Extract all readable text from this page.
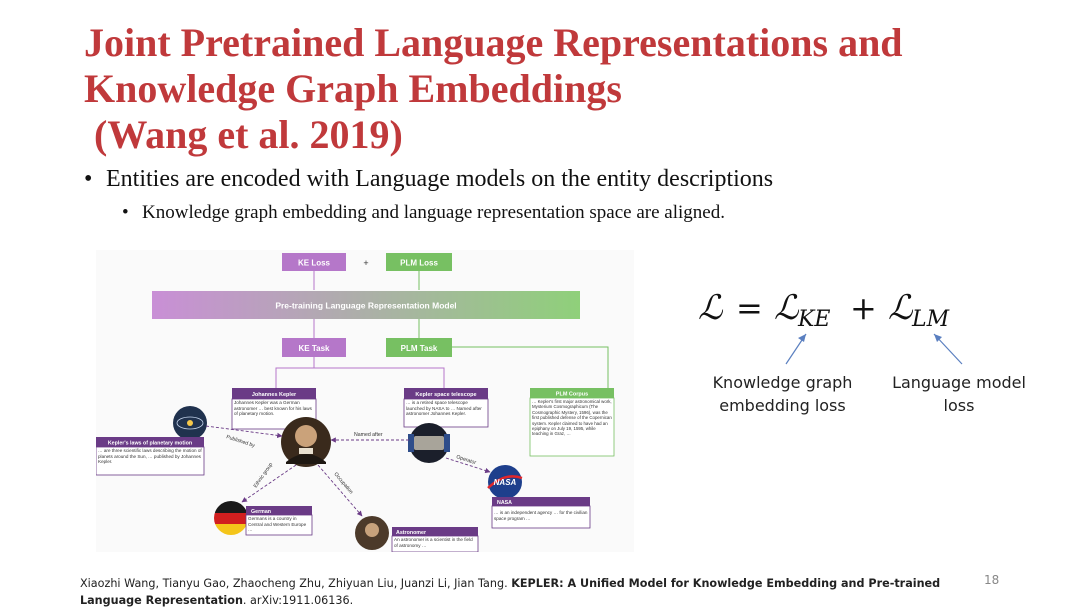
Joint Pretrained Language Representations and
Knowledge Graph Embeddings
(Wang et al. 2019)
• Entities are encoded with Language models on the entity descriptions
• Knowledge graph embedding and language representation space are aligned.
KE Loss	+	PLM Loss
Pre-training Language Representation Model
KE Task	PLM Task
Johannes Kepler
Johannes Kepler was a German astronomer … best known for his laws of planetary motion.
Kepler space telescope
… is a retired space telescope launched by NASA to … Named after astronomer Johannes Kepler.
PLM Corpus
… Kepler's first major astronomical work, Mysterium Cosmographicum (The Cosmographic Mystery, 1596), was the first published defense of the Copernican system. Kepler claimed to have had an epiphany on July 19, 1595, while teaching in Graz, …
Kepler's laws of planetary motion
… are three scientific laws describing the motion of planets around the Sun, … published by Johannes Kepler.
German
Germans is a country in Central and Western Europe …
Astronomer
An astronomer is a scientist in the field of astronomy …
NASA
NASA
… is an independent agency … for the civilian space program …
Published by	Named after
Ethnic group	Occupation
Operator
ℒ = ℒ KE + ℒ LM
Knowledge graph
embedding loss
Language model
loss
Xiaozhi Wang, Tianyu Gao, Zhaocheng Zhu, Zhiyuan Liu, Juanzi Li, Jian Tang. KEPLER: A Unified Model for Knowledge Embedding and Pre-trained Language Representation. arXiv:1911.06136.
18
